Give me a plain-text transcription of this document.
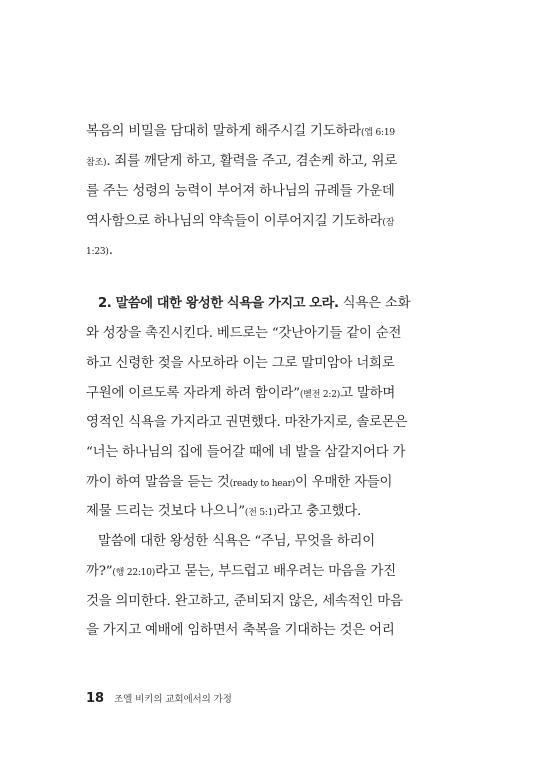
복음의 비밀을 담대히 말하게 해주시길 기도하라(엡 6:19
참조). 죄를 깨닫게 하고, 활력을 주고, 겸손케 하고, 위로
를 주는 성령의 능력이 부어져 하나님의 규례들 가운데
역사함으로 하나님의 약속들이 이루어지길 기도하라(잠
1:23).
2. 말씀에 대한 왕성한 식욕을 가지고 오라. 식욕은 소화
와 성장을 촉진시킨다. 베드로는 “갓난아기들 같이 순전
하고 신령한 젖을 사모하라 이는 그로 말미암아 너희로
구원에 이르도록 자라게 하려 함이라”(벧전 2:2)고 말하며
영적인 식욕을 가지라고 권면했다. 마찬가지로, 솔로몬은
“너는 하나님의 집에 들어갈 때에 네 발을 삼갈지어다 가
까이 하여 말씀을 듣는 것(ready to hear)이 우매한 자들이
제물 드리는 것보다 나으니”(전 5:1)라고 충고했다.
말씀에 대한 왕성한 식욕은 “주님, 무엇을 하리이
까?”(행 22:10)라고 묻는, 부드럽고 배우려는 마음을 가진
것을 의미한다. 완고하고, 준비되지 않은, 세속적인 마음
을 가지고 예배에 임하면서 축복을 기대하는 것은 어리
18 조엘 비키의 교회에서의 가정
